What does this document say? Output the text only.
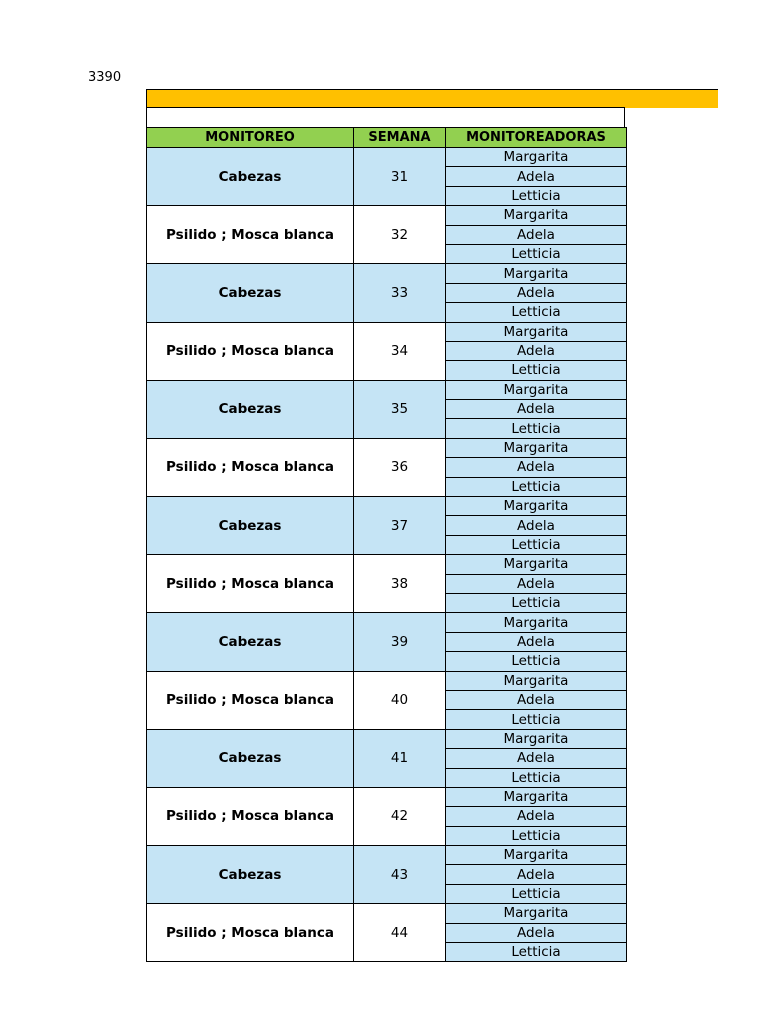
3390
MONITOREO	SEMANA	MONITOREADORAS
Cabezas	31	Margarita
		Adela
		Letticia
Psilido ; Mosca blanca	32	Margarita
		Adela
		Letticia
Cabezas	33	Margarita
		Adela
		Letticia
Psilido ; Mosca blanca	34	Margarita
		Adela
		Letticia
Cabezas	35	Margarita
		Adela
		Letticia
Psilido ; Mosca blanca	36	Margarita
		Adela
		Letticia
Cabezas	37	Margarita
		Adela
		Letticia
Psilido ; Mosca blanca	38	Margarita
		Adela
		Letticia
Cabezas	39	Margarita
		Adela
		Letticia
Psilido ; Mosca blanca	40	Margarita
		Adela
		Letticia
Cabezas	41	Margarita
		Adela
		Letticia
Psilido ; Mosca blanca	42	Margarita
		Adela
		Letticia
Cabezas	43	Margarita
		Adela
		Letticia
Psilido ; Mosca blanca	44	Margarita
		Adela
		Letticia
